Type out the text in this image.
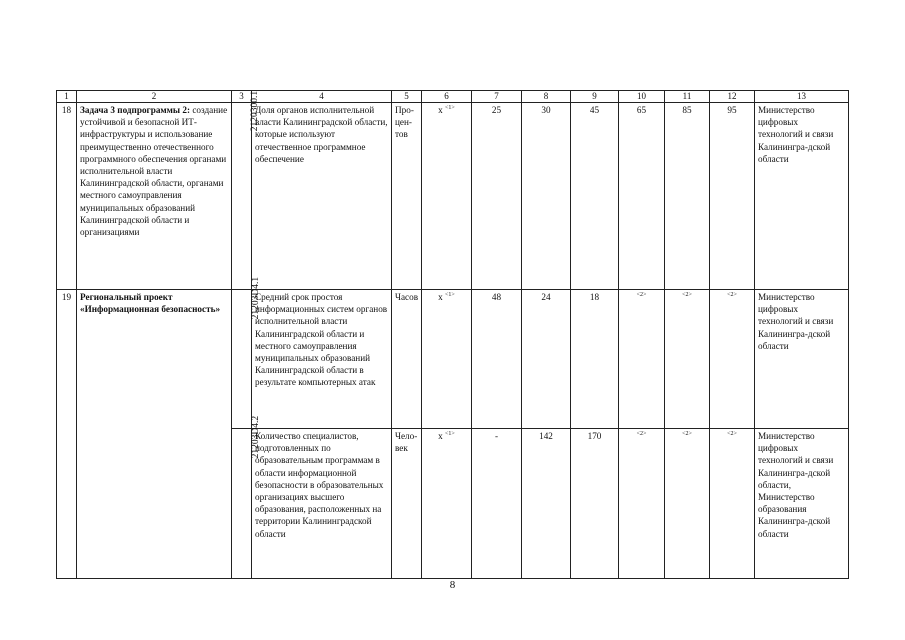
1	2	3	4	5	6	7	8	9	10	11	12	13
18	Задача 3 подпрограммы 2: создание устойчивой и безопасной ИТ-инфраструктуры и использование преимущественно отечественного программного обеспечения органами исполнительной власти Калининградской области, органами местного самоуправления муниципальных образований Калининградской области и организациями	2120300.1	Доля органов исполнительной власти Калининградской области, которые используют отечественное программное обеспечение	Про-цен-тов	x $^{<1>}$	25	30	45	65	85	95	Министерство цифровых технологий и связи Калинингра-дской области
19	Региональный проект «Информационная безопасность»	21203D4.1	Средний срок простоя информационных систем органов исполнительной власти Калининградской области и местного самоуправления муниципальных образований Калининградской области в результате компьютерных атак	Часов	x $^{<1>}$	48	24	18	$^{<2>}$	$^{<2>}$	$^{<2>}$	Министерство цифровых технологий и связи Калинингра-дской области
		21203D4.2	Количество специалистов, подготовленных по образовательным программам в области информационной безопасности в образовательных организациях высшего образования, расположенных на территории Калининградской области	Чело-век	x $^{<1>}$	-	142	170	$^{<2>}$	$^{<2>}$	$^{<2>}$	Министерство цифровых технологий и связи Калинингра-дской области, Министерство образования Калинингра-дской области
8
